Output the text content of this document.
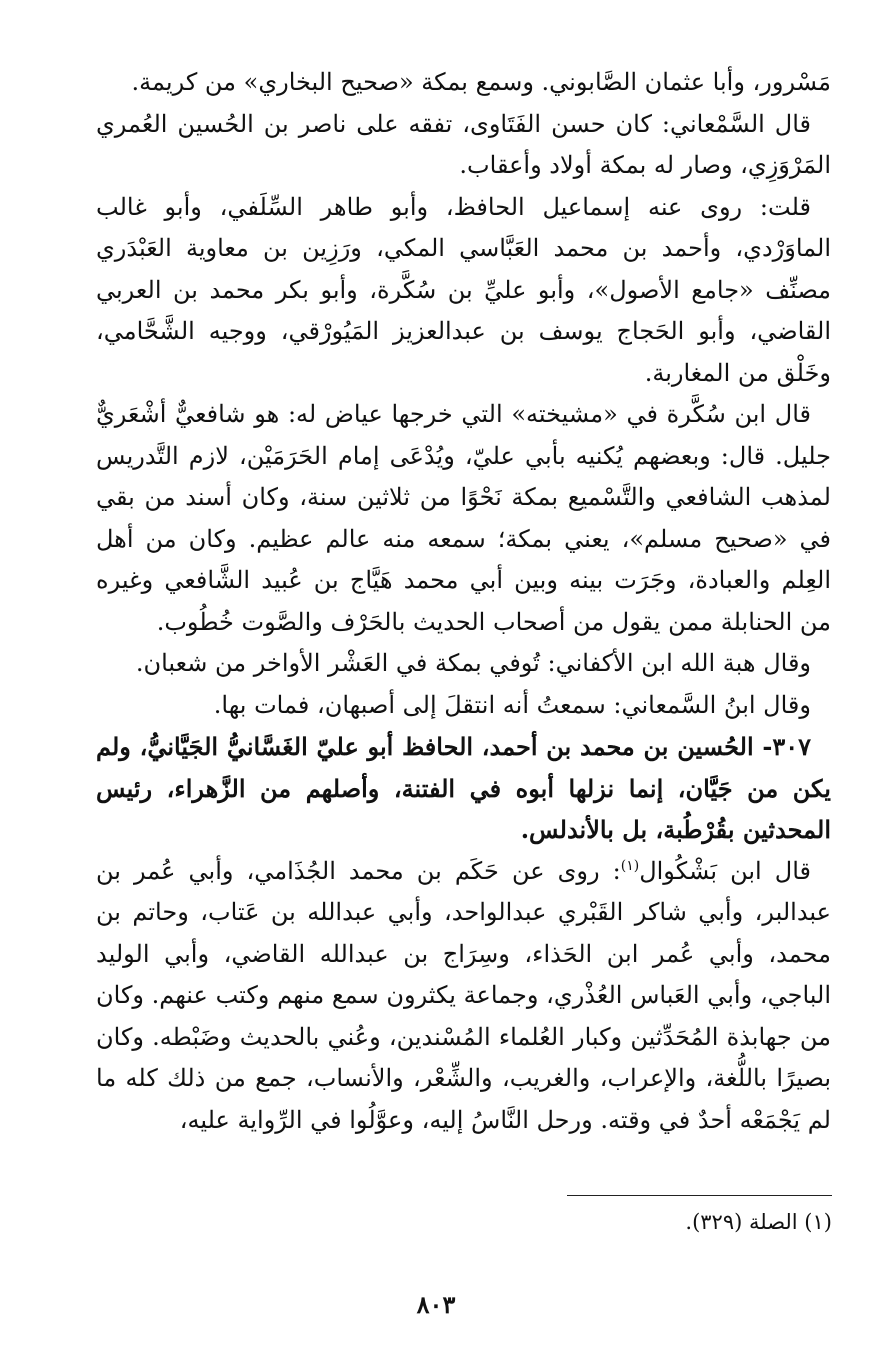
مَسْرور، وأبا عثمان الصَّابوني. وسمع بمكة «صحيح البخاري» من كريمة.

قال السَّمْعاني: كان حسن الفَتَاوى، تفقه على ناصر بن الحُسين العُمري المَرْوَزِي، وصار له بمكة أولاد وأعقاب.

قلت: روى عنه إسماعيل الحافظ، وأبو طاهر السِّلَفي، وأبو غالب الماوَرْدي، وأحمد بن محمد العَبَّاسي المكي، ورَزِين بن معاوية العَبْدَري مصنِّف «جامع الأصول»، وأبو عليِّ بن سُكَّرة، وأبو بكر محمد بن العربي القاضي، وأبو الحَجاج يوسف بن عبدالعزيز المَيُورْقي، ووجيه الشَّحَّامي، وخَلْق من المغاربة.

قال ابن سُكَّرة في «مشيخته» التي خرجها عياض له: هو شافعيٌّ أشْعَريٌّ جليل. قال: وبعضهم يُكنيه بأبي عليّ، ويُدْعَى إمام الحَرَمَيْن، لازم التَّدريس لمذهب الشافعي والتَّسْميع بمكة نَحْوًا من ثلاثين سنة، وكان أسند من بقي في «صحيح مسلم»، يعني بمكة؛ سمعه منه عالم عظيم. وكان من أهل العِلم والعبادة، وجَرَت بينه وبين أبي محمد هَيَّاج بن عُبيد الشَّافعي وغيره من الحنابلة ممن يقول من أصحاب الحديث بالحَرْف والصَّوت خُطُوب.

وقال هبة الله ابن الأكفاني: تُوفي بمكة في العَشْر الأواخر من شعبان.

وقال ابنُ السَّمعاني: سمعتُ أنه انتقلَ إلى أصبهان، فمات بها.

٣٠٧- الحُسين بن محمد بن أحمد، الحافظ أبو عليّ الغَسَّانيُّ الجَيَّانيُّ، ولم يكن من جَيَّان، إنما نزلها أبوه في الفتنة، وأصلهم من الزَّهراء، رئيس المحدثين بقُرْطُبة، بل بالأندلس.

قال ابن بَشْكُوال$^{(١)}$: روى عن حَكَم بن محمد الجُذَامي، وأبي عُمر بن عبدالبر، وأبي شاكر القَبْري عبدالواحد، وأبي عبدالله بن عَتاب، وحاتم بن محمد، وأبي عُمر ابن الحَذاء، وسِرَاج بن عبدالله القاضي، وأبي الوليد الباجي، وأبي العَباس العُذْري، وجماعة يكثرون سمع منهم وكتب عنهم. وكان من جهابذة المُحَدِّثين وكبار العُلماء المُسْندين، وعُني بالحديث وضَبْطه. وكان بصيرًا باللُّغة، والإعراب، والغريب، والشِّعْر، والأنساب، جمع من ذلك كله ما لم يَجْمَعْه أحدٌ في وقته. ورحل النَّاسُ إليه، وعوَّلُوا في الرِّواية عليه،

(١) الصلة (٣٢٩).
٨٠٣
